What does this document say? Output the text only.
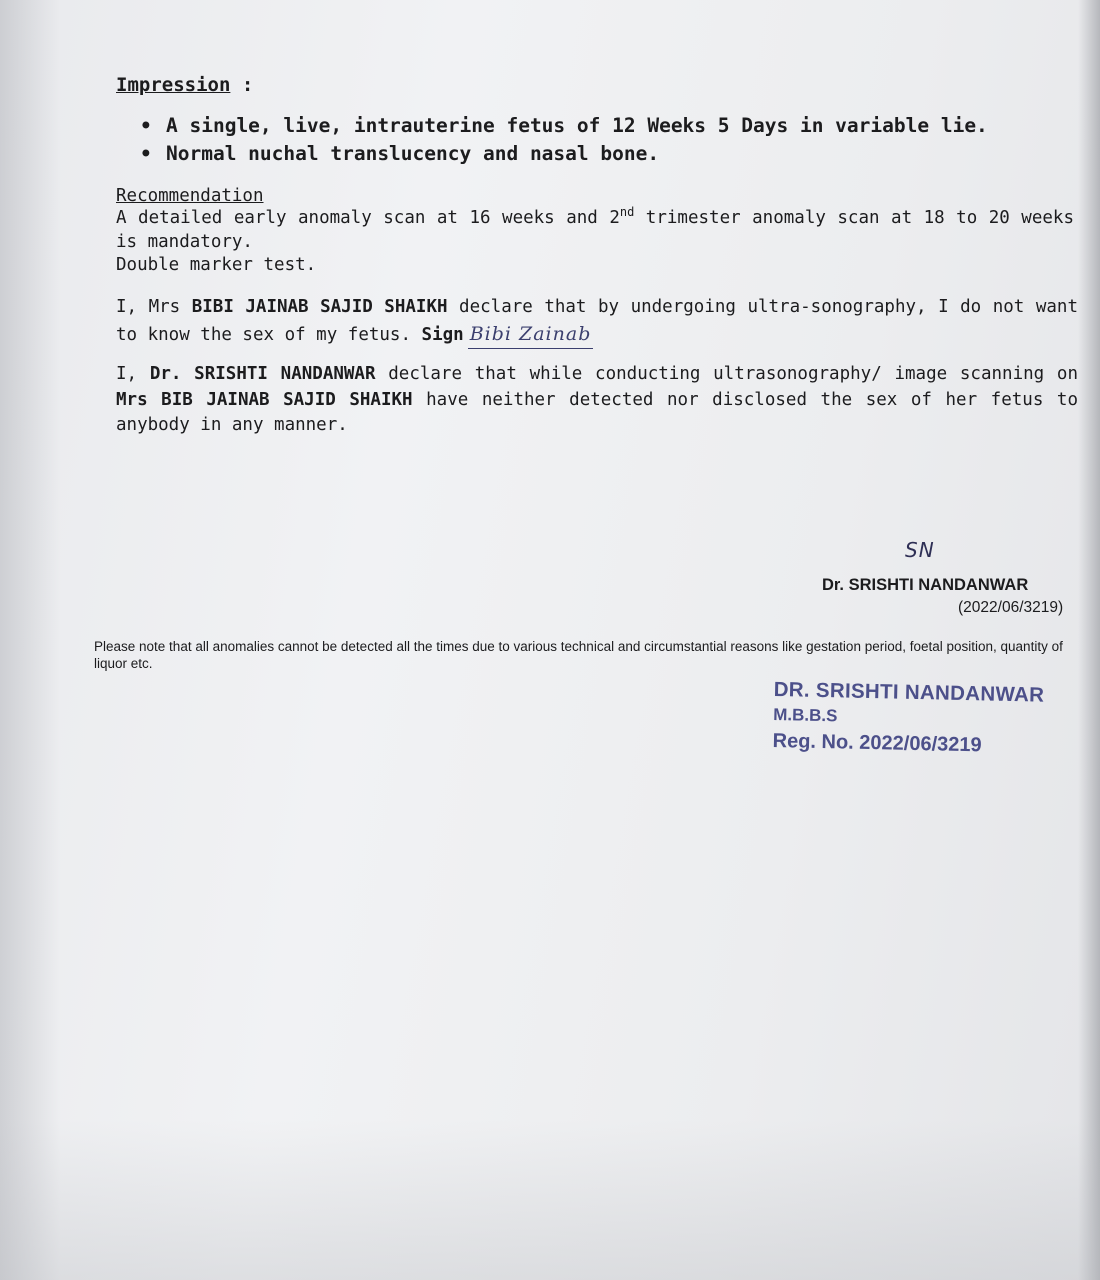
Impression :

• A single, live, intrauterine fetus of 12 Weeks 5 Days in variable lie.
• Normal nuchal translucency and nasal bone.

Recommendation

A detailed early anomaly scan at 16 weeks and 2nd trimester anomaly scan at 18 to 20 weeks is mandatory.

Double marker test.

I, Mrs BIBI JAINAB SAJID SHAIKH declare that by undergoing ultra-sonography, I do not want to know the sex of my fetus. Sign Bibi Zainab

I, Dr. SRISHTI NANDANWAR declare that while conducting ultrasonography/ image scanning on Mrs BIB JAINAB SAJID SHAIKH have neither detected nor disclosed the sex of her fetus to anybody in any manner.

SN
Dr. SRISHTI NANDANWAR
(2022/06/3219)

Please note that all anomalies cannot be detected all the times due to various technical and circumstantial reasons like gestation period, foetal position, quantity of liquor etc.

DR. SRISHTI NANDANWAR
M.B.B.S
Reg. No. 2022/06/3219
